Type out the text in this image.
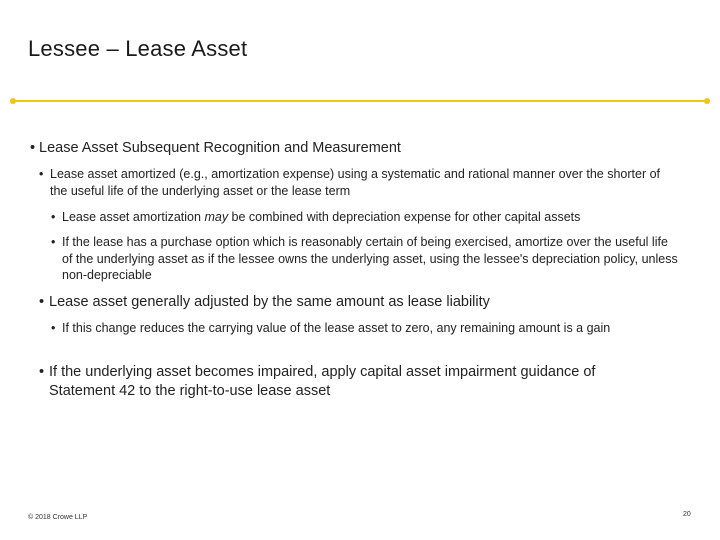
Lessee – Lease Asset
• Lease Asset Subsequent Recognition and Measurement
• Lease asset amortized (e.g., amortization expense) using a systematic and rational manner over the shorter of the useful life of the underlying asset or the lease term
• Lease asset amortization may be combined with depreciation expense for other capital assets
• If the lease has a purchase option which is reasonably certain of being exercised, amortize over the useful life of the underlying asset as if the lessee owns the underlying asset, using the lessee's depreciation policy, unless non-depreciable
• Lease asset generally adjusted by the same amount as lease liability
• If this change reduces the carrying value of the lease asset to zero, any remaining amount is a gain
• If the underlying asset becomes impaired, apply capital asset impairment guidance of Statement 42 to the right-to-use lease asset
© 2018 Crowe LLP	20
